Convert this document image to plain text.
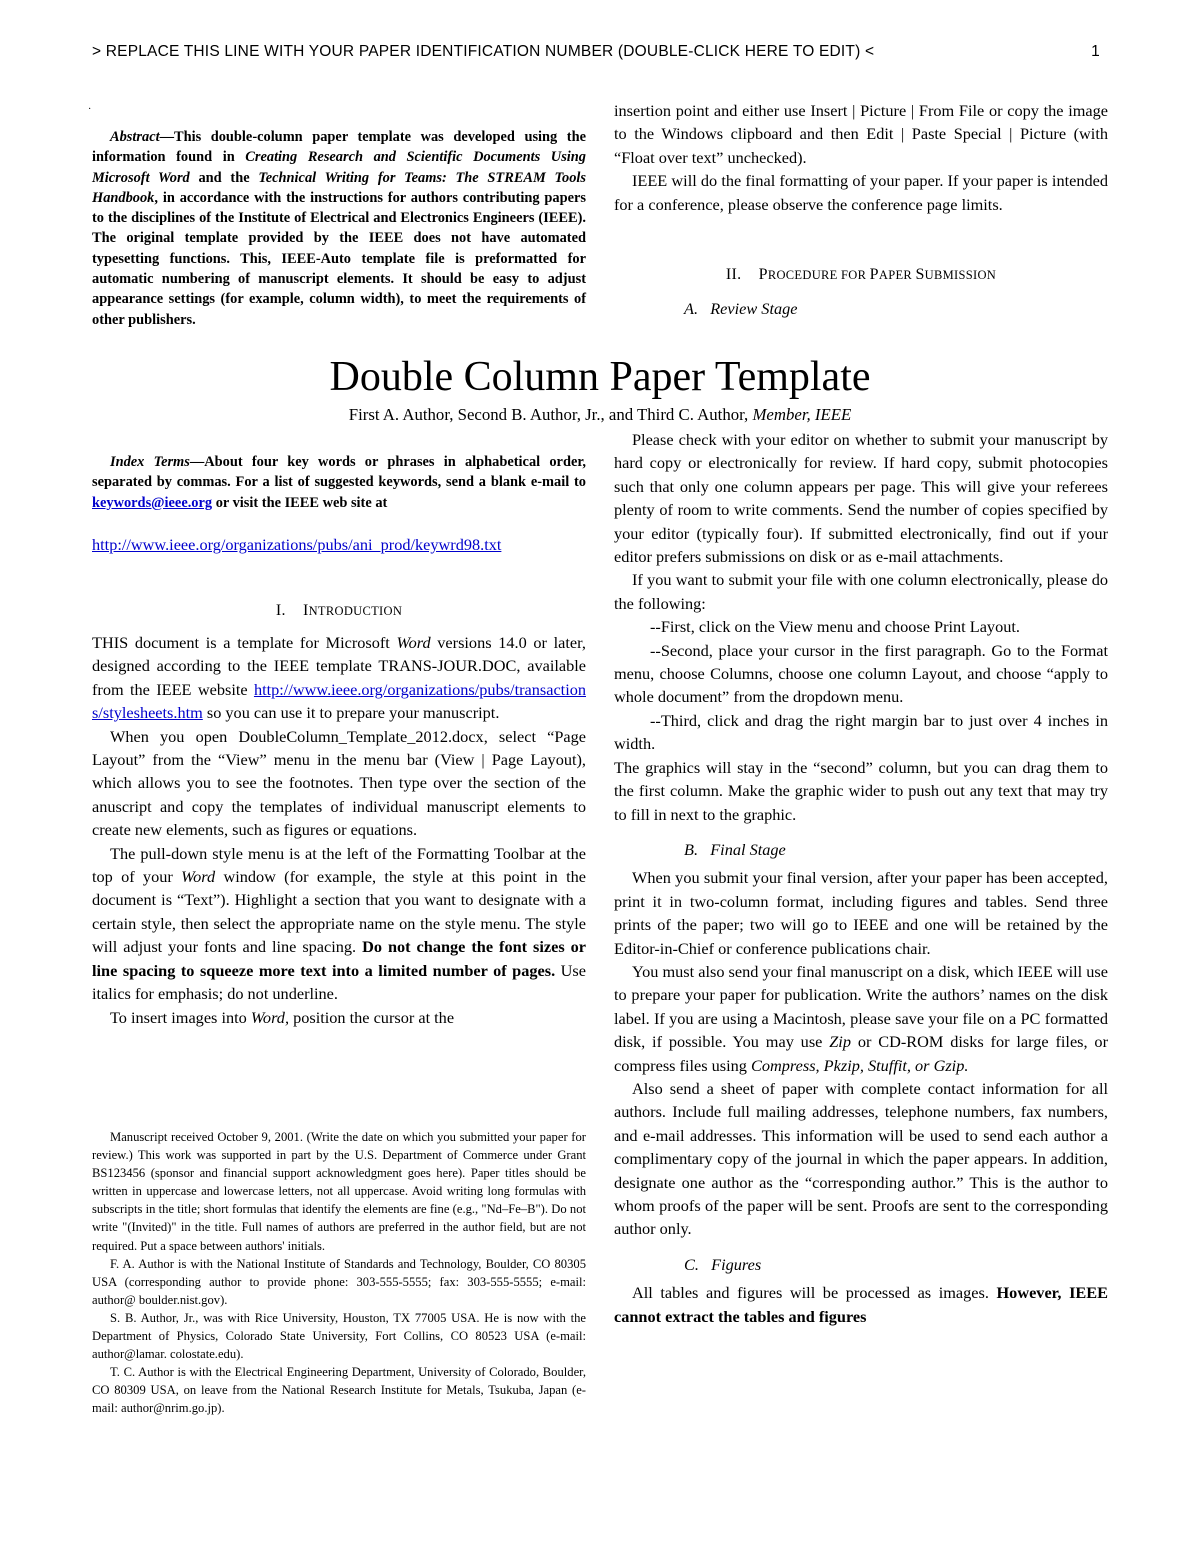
> REPLACE THIS LINE WITH YOUR PAPER IDENTIFICATION NUMBER (DOUBLE-CLICK HERE TO EDIT) <	1
·
Abstract—This double-column paper template was developed using the information found in Creating Research and Scientific Documents Using Microsoft Word and the Technical Writing for Teams: The STREAM Tools Handbook, in accordance with the instructions for authors contributing papers to the disciplines of the Institute of Electrical and Electronics Engineers (IEEE). The original template provided by the IEEE does not have automated typesetting functions. This, IEEE-Auto template file is preformatted for automatic numbering of manuscript elements. It should be easy to adjust appearance settings (for example, column width), to meet the requirements of other publishers.
Double Column Paper Template
First A. Author, Second B. Author, Jr., and Third C. Author, Member, IEEE
Index Terms—About four key words or phrases in alphabetical order, separated by commas. For a list of suggested keywords, send a blank e-mail to keywords@ieee.org or visit the IEEE web site at
http://www.ieee.org/organizations/pubs/ani_prod/keywrd98.txt
I. INTRODUCTION

THIS document is a template for Microsoft Word versions 14.0 or later, designed according to the IEEE template TRANS-JOUR.DOC, available from the IEEE website http://www.ieee.org/organizations/pubs/transactions/stylesheets.htm so you can use it to prepare your manuscript.

When you open DoubleColumn_Template_2012.docx, select “Page Layout” from the “View” menu in the menu bar (View | Page Layout), which allows you to see the footnotes. Then type over the section of the anuscript and copy the templates of individual manuscript elements to create new elements, such as figures or equations.

The pull-down style menu is at the left of the Formatting Toolbar at the top of your Word window (for example, the style at this point in the document is “Text”). Highlight a section that you want to designate with a certain style, then select the appropriate name on the style menu. The style will adjust your fonts and line spacing. Do not change the font sizes or line spacing to squeeze more text into a limited number of pages. Use italics for emphasis; do not underline.

To insert images into Word, position the cursor at the

Manuscript received October 9, 2001. (Write the date on which you submitted your paper for review.) This work was supported in part by the U.S. Department of Commerce under Grant BS123456 (sponsor and financial support acknowledgment goes here). Paper titles should be written in uppercase and lowercase letters, not all uppercase. Avoid writing long formulas with subscripts in the title; short formulas that identify the elements are fine (e.g., "Nd–Fe–B"). Do not write "(Invited)" in the title. Full names of authors are preferred in the author field, but are not required. Put a space between authors' initials.

F. A. Author is with the National Institute of Standards and Technology, Boulder, CO 80305 USA (corresponding author to provide phone: 303-555-5555; fax: 303-555-5555; e-mail: author@ boulder.nist.gov).

S. B. Author, Jr., was with Rice University, Houston, TX 77005 USA. He is now with the Department of Physics, Colorado State University, Fort Collins, CO 80523 USA (e-mail: author@lamar. colostate.edu).

T. C. Author is with the Electrical Engineering Department, University of Colorado, Boulder, CO 80309 USA, on leave from the National Research Institute for Metals, Tsukuba, Japan (e-mail: author@nrim.go.jp).

insertion point and either use Insert | Picture | From File or copy the image to the Windows clipboard and then Edit | Paste Special | Picture (with “Float over text” unchecked).

IEEE will do the final formatting of your paper. If your paper is intended for a conference, please observe the conference page limits.

II. PROCEDURE FOR PAPER SUBMISSION
A. Review Stage

Please check with your editor on whether to submit your manuscript by hard copy or electronically for review. If hard copy, submit photocopies such that only one column appears per page. This will give your referees plenty of room to write comments. Send the number of copies specified by your editor (typically four). If submitted electronically, find out if your editor prefers submissions on disk or as e-mail attachments.

If you want to submit your file with one column electronically, please do the following:

--First, click on the View menu and choose Print Layout.

--Second, place your cursor in the first paragraph. Go to the Format menu, choose Columns, choose one column Layout, and choose “apply to whole document” from the dropdown menu.

--Third, click and drag the right margin bar to just over 4 inches in width.

The graphics will stay in the “second” column, but you can drag them to the first column. Make the graphic wider to push out any text that may try to fill in next to the graphic.

B. Final Stage

When you submit your final version, after your paper has been accepted, print it in two-column format, including figures and tables. Send three prints of the paper; two will go to IEEE and one will be retained by the Editor-in-Chief or conference publications chair.

You must also send your final manuscript on a disk, which IEEE will use to prepare your paper for publication. Write the authors’ names on the disk label. If you are using a Macintosh, please save your file on a PC formatted disk, if possible. You may use Zip or CD-ROM disks for large files, or compress files using Compress, Pkzip, Stuffit, or Gzip.

Also send a sheet of paper with complete contact information for all authors. Include full mailing addresses, telephone numbers, fax numbers, and e-mail addresses. This information will be used to send each author a complimentary copy of the journal in which the paper appears. In addition, designate one author as the “corresponding author.” This is the author to whom proofs of the paper will be sent. Proofs are sent to the corresponding author only.

C. Figures

All tables and figures will be processed as images. However, IEEE cannot extract the tables and figures
